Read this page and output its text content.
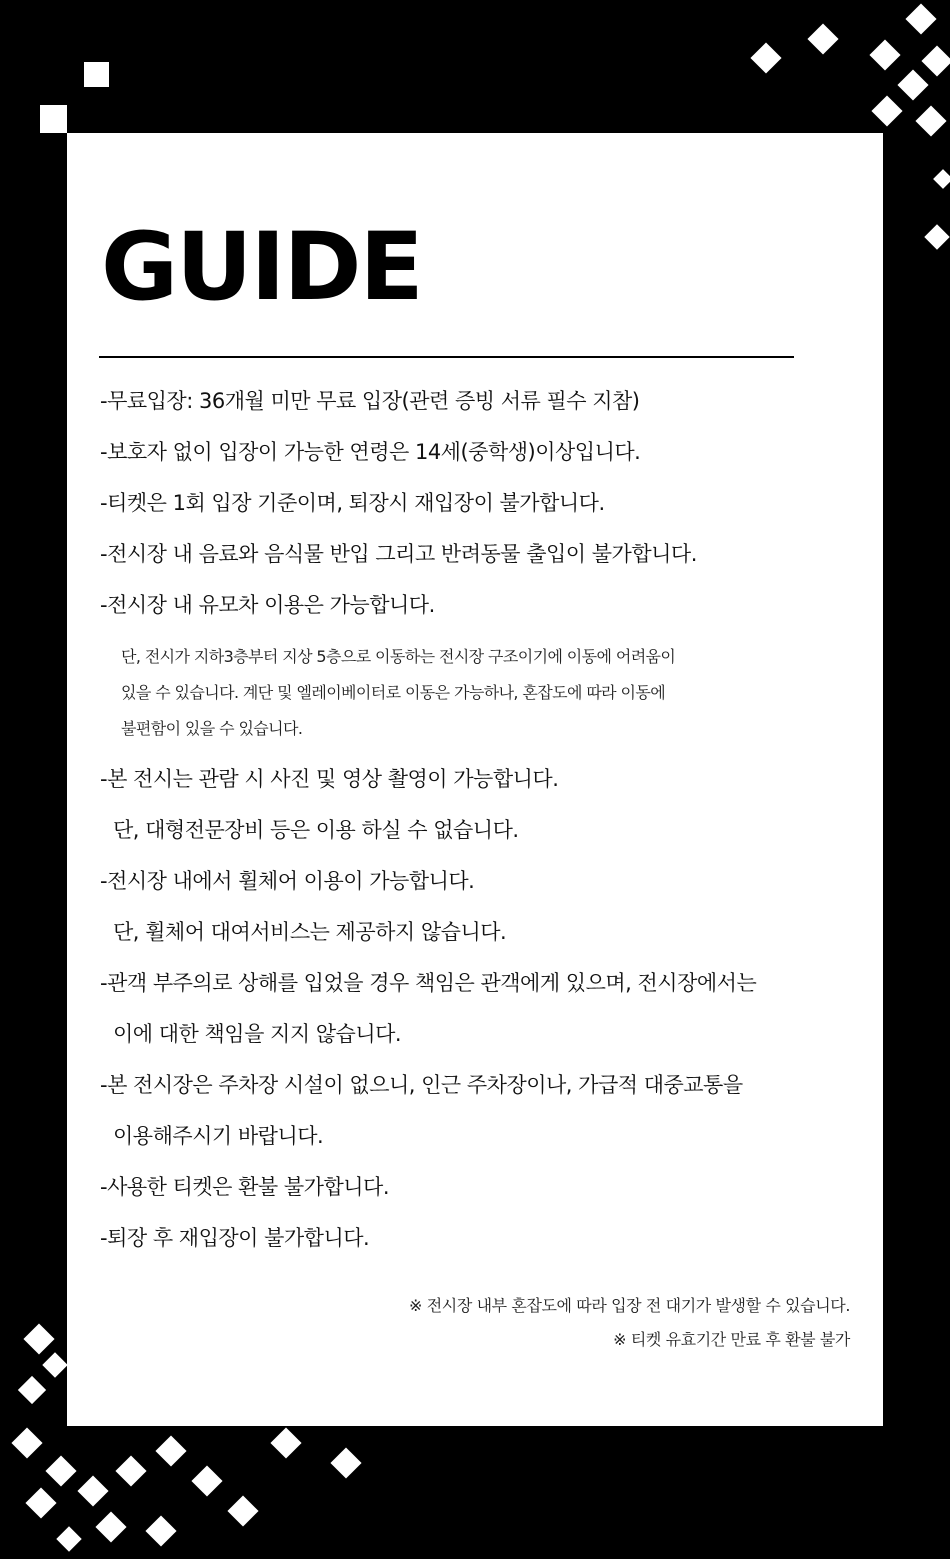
GUIDE
-무료입장: 36개월 미만 무료 입장(관련 증빙 서류 필수 지참)
-보호자 없이 입장이 가능한 연령은 14세(중학생)이상입니다.
-티켓은 1회 입장 기준이며, 퇴장시 재입장이 불가합니다.
-전시장 내 음료와 음식물 반입 그리고 반려동물 출입이 불가합니다.
-전시장 내 유모차 이용은 가능합니다.
단, 전시가 지하3층부터 지상 5층으로 이동하는 전시장 구조이기에 이동에 어려움이
있을 수 있습니다. 계단 및 엘레이베이터로 이동은 가능하나, 혼잡도에 따라 이동에
불편함이 있을 수 있습니다.
-본 전시는 관람 시 사진 및 영상 촬영이 가능합니다.
단, 대형전문장비 등은 이용 하실 수 없습니다.
-전시장 내에서 휠체어 이용이 가능합니다.
단, 휠체어 대여서비스는 제공하지 않습니다.
-관객 부주의로 상해를 입었을 경우 책임은 관객에게 있으며, 전시장에서는
이에 대한 책임을 지지 않습니다.
-본 전시장은 주차장 시설이 없으니, 인근 주차장이나, 가급적 대중교통을
이용해주시기 바랍니다.
-사용한 티켓은 환불 불가합니다.
-퇴장 후 재입장이 불가합니다.
※ 전시장 내부 혼잡도에 따라 입장 전 대기가 발생할 수 있습니다.
※ 티켓 유효기간 만료 후 환불 불가
